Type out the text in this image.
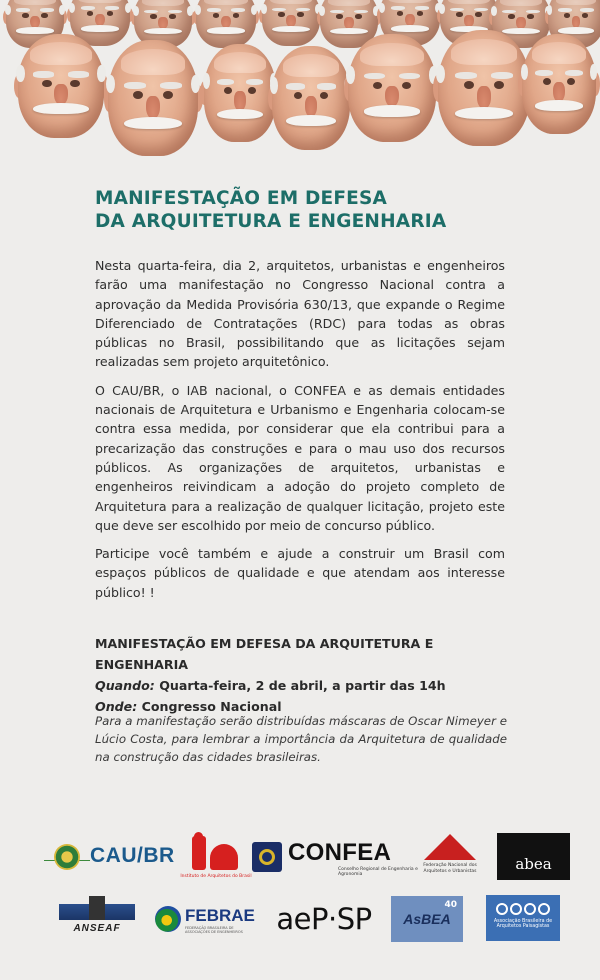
MANIFESTAÇÃO EM DEFESA
DA ARQUITETURA E ENGENHARIA

Nesta quarta-feira, dia 2, arquitetos, urbanistas e engenheiros farão uma manifestação no Congresso Nacional contra a aprovação da Medida Provisória 630/13, que expande o Regime Diferenciado de Contratações (RDC) para todas as obras públicas no Brasil, possibilitando que as licitações sejam realizadas sem projeto arquitetônico.

O CAU/BR, o IAB nacional, o CONFEA e as demais entidades nacionais de Arquitetura e Urbanismo e Engenharia colocam-se contra essa medida, por considerar que ela contribui para a precarização das construções e para o mau uso dos recursos públicos. As organizações de arquitetos, urbanistas e engenheiros reivindicam a adoção do projeto completo de Arquitetura para a realização de qualquer licitação, projeto este que deve ser escolhido por meio de concurso público.

Participe você também e ajude a construir um Brasil com espaços públicos de qualidade e que atendam aos interesse público! !

MANIFESTAÇÃO EM DEFESA DA ARQUITETURA E ENGENHARIA
Quando: Quarta-feira, 2 de abril, a partir das 14h
Onde: Congresso Nacional
Para a manifestação serão distribuídas máscaras de Oscar Nimeyer e Lúcio Costa, para lembrar a importância da Arquitetura de qualidade na construção das cidades brasileiras.
CAU/BR
Instituto de Arquitetos do Brasil
CONFEA
Conselho Regional de Engenharia e Agronomia
Federação Nacional dos Arquitetos e Urbanistas	abea
ANSEAF
FEBRAE
FEDERAÇÃO BRASILEIRA DE ASSOCIAÇÕES DE ENGENHEIROS	aeP·SP AsBEA
40
Associação Brasileira de Arquitetos Paisagistas
